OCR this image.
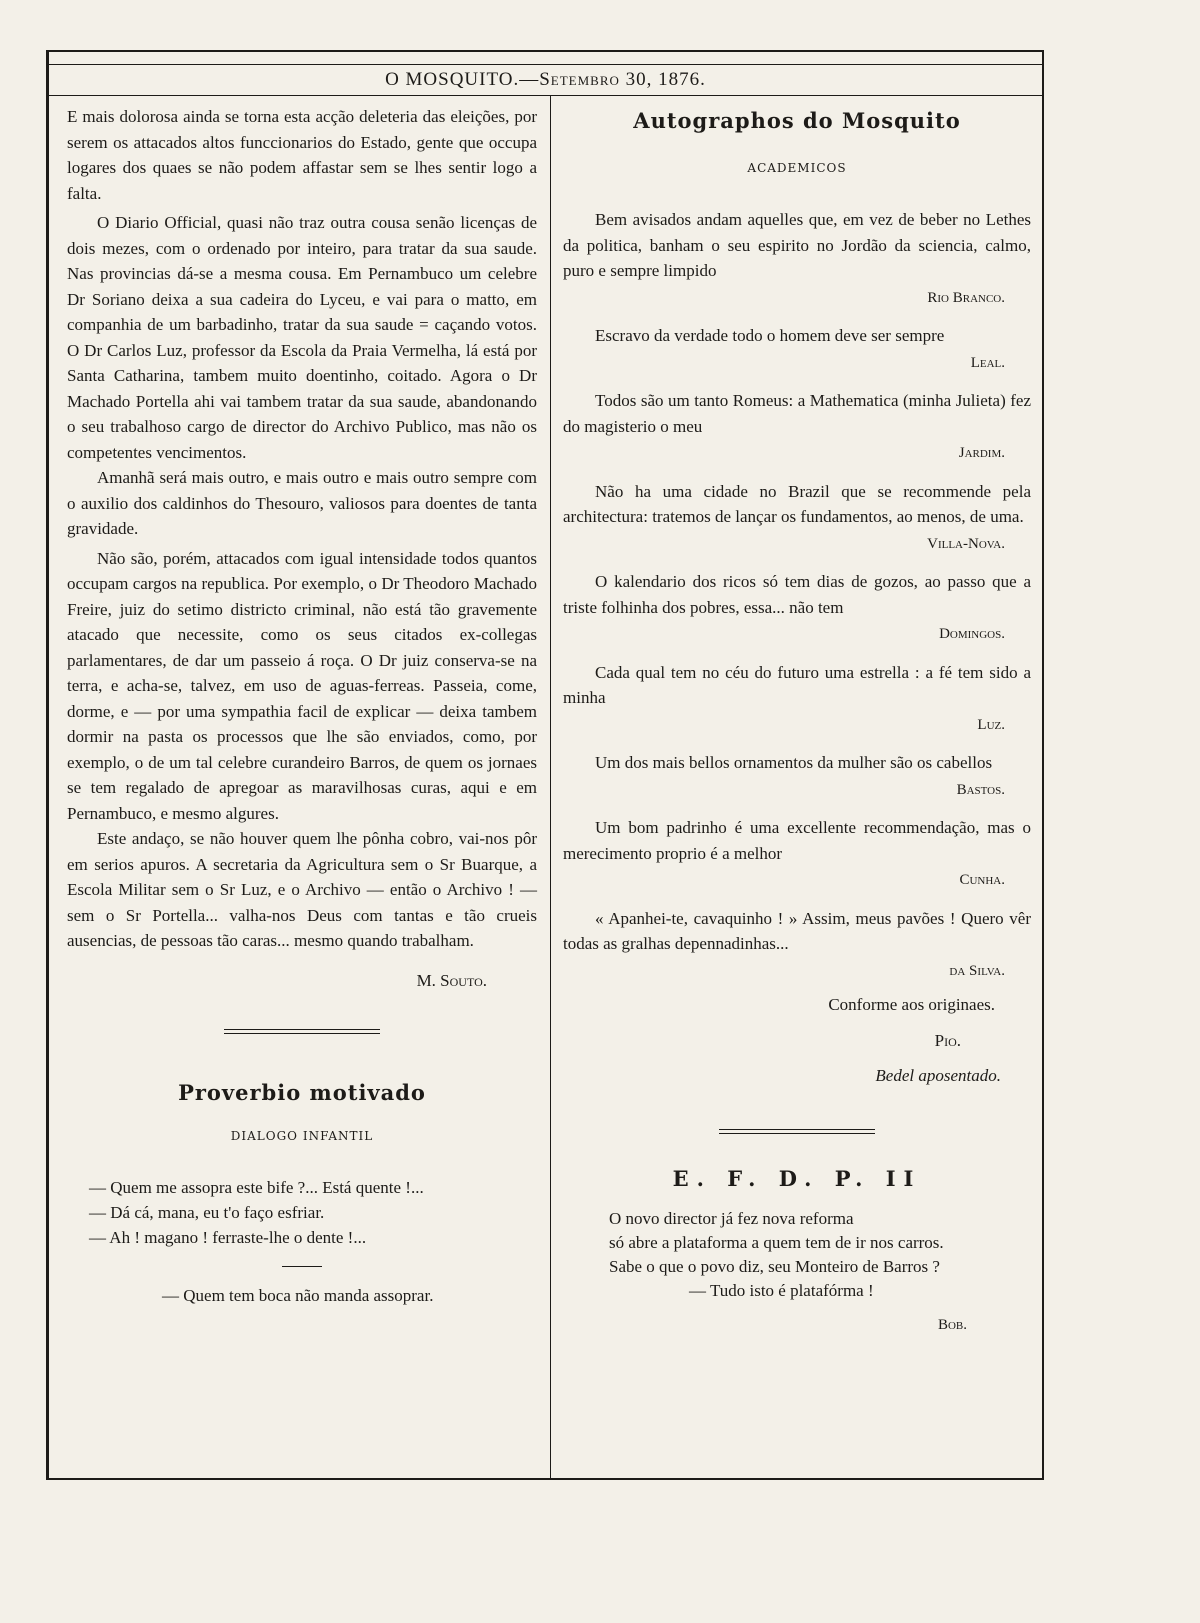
O MOSQUITO.—Setembro 30, 1876.

E mais dolorosa ainda se torna esta acção deleteria das eleições, por serem os attacados altos funccionarios do Estado, gente que occupa logares dos quaes se não podem affastar sem se lhes sentir logo a falta.

O Diario Official, quasi não traz outra cousa senão licenças de dois mezes, com o ordenado por inteiro, para tratar da sua saude. Nas provincias dá-se a mesma cousa. Em Pernambuco um celebre Dr Soriano deixa a sua cadeira do Lyceu, e vai para o matto, em companhia de um barbadinho, tratar da sua saude = caçando votos. O Dr Carlos Luz, professor da Escola da Praia Vermelha, lá está por Santa Catharina, tambem muito doentinho, coitado. Agora o Dr Machado Portella ahi vai tambem tratar da sua saude, abandonando o seu trabalhoso cargo de director do Archivo Publico, mas não os competentes vencimentos.

Amanhã será mais outro, e mais outro e mais outro sempre com o auxilio dos caldinhos do Thesouro, valiosos para doentes de tanta gravidade.

Não são, porém, attacados com igual intensidade todos quantos occupam cargos na republica. Por exemplo, o Dr Theodoro Machado Freire, juiz do setimo districto criminal, não está tão gravemente atacado que necessite, como os seus citados ex-collegas parlamentares, de dar um passeio á roça. O Dr juiz conserva-se na terra, e acha-se, talvez, em uso de aguas-ferreas. Passeia, come, dorme, e — por uma sympathia facil de explicar — deixa tambem dormir na pasta os processos que lhe são enviados, como, por exemplo, o de um tal celebre curandeiro Barros, de quem os jornaes se tem regalado de apregoar as maravilhosas curas, aqui e em Pernambuco, e mesmo algures.

Este andaço, se não houver quem lhe pônha cobro, vai-nos pôr em serios apuros. A secretaria da Agricultura sem o Sr Buarque, a Escola Militar sem o Sr Luz, e o Archivo — então o Archivo ! — sem o Sr Portella... valha-nos Deus com tantas e tão crueis ausencias, de pessoas tão caras... mesmo quando trabalham.

M. Souto.
Proverbio motivado
DIALOGO INFANTIL

— Quem me assopra este bife ?... Está quente !...

— Dá cá, mana, eu t'o faço esfriar.

— Ah ! magano ! ferraste-lhe o dente !...

— Quem tem boca não manda assoprar.

Autographos do Mosquito
ACADEMICOS

Bem avisados andam aquelles que, em vez de beber no Lethes da politica, banham o seu espirito no Jordão da sciencia, calmo, puro e sempre limpido

Rio Branco.

Escravo da verdade todo o homem deve ser sempre

Leal.

Todos são um tanto Romeus: a Mathematica (minha Julieta) fez do magisterio o meu

Jardim.

Não ha uma cidade no Brazil que se recommende pela architectura: tratemos de lançar os fundamentos, ao menos, de uma.

Villa-Nova.

O kalendario dos ricos só tem dias de gozos, ao passo que a triste folhinha dos pobres, essa... não tem

Domingos.

Cada qual tem no céu do futuro uma estrella : a fé tem sido a minha

Luz.

Um dos mais bellos ornamentos da mulher são os cabellos

Bastos.

Um bom padrinho é uma excellente recommendação, mas o merecimento proprio é a melhor

Cunha.

« Apanhei-te, cavaquinho ! » Assim, meus pavões ! Quero vêr todas as gralhas depennadinhas...

da Silva.
Conforme aos originaes.
Pio.
Bedel aposentado.
E. F. D. P. II
O novo director já fez nova reforma
só abre a plataforma a quem tem de ir nos carros.
Sabe o que o povo diz, seu Monteiro de Barros ?
— Tudo isto é platafórma !
Bob.
